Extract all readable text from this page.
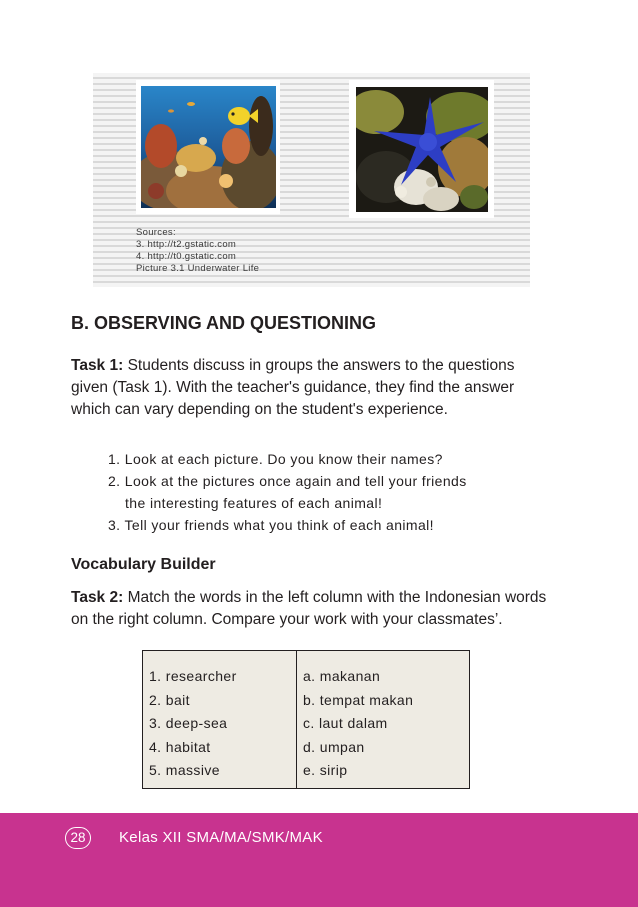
Sources:
3. http://t2.gstatic.com
4. http://t0.gstatic.com
Picture 3.1 Underwater Life
B. OBSERVING AND QUESTIONING

Task 1: Students discuss in groups the answers to the questions given (Task 1). With the teacher's guidance, they find the answer which can vary depending on the student's experience.

1. Look at each picture. Do you know their names?
2. Look at the pictures once again and tell your friends
the interesting features of each animal!
3. Tell your friends what you think of each animal!
Vocabulary Builder

Task 2: Match the words in the left column with the Indonesian words on the right column. Compare your work with your classmates’.

1. researcher
2. bait
3. deep-sea
4. habitat
5. massive
a. makanan
b. tempat makan
c. laut dalam
d. umpan
e. sirip
28	Kelas XII SMA/MA/SMK/MAK
